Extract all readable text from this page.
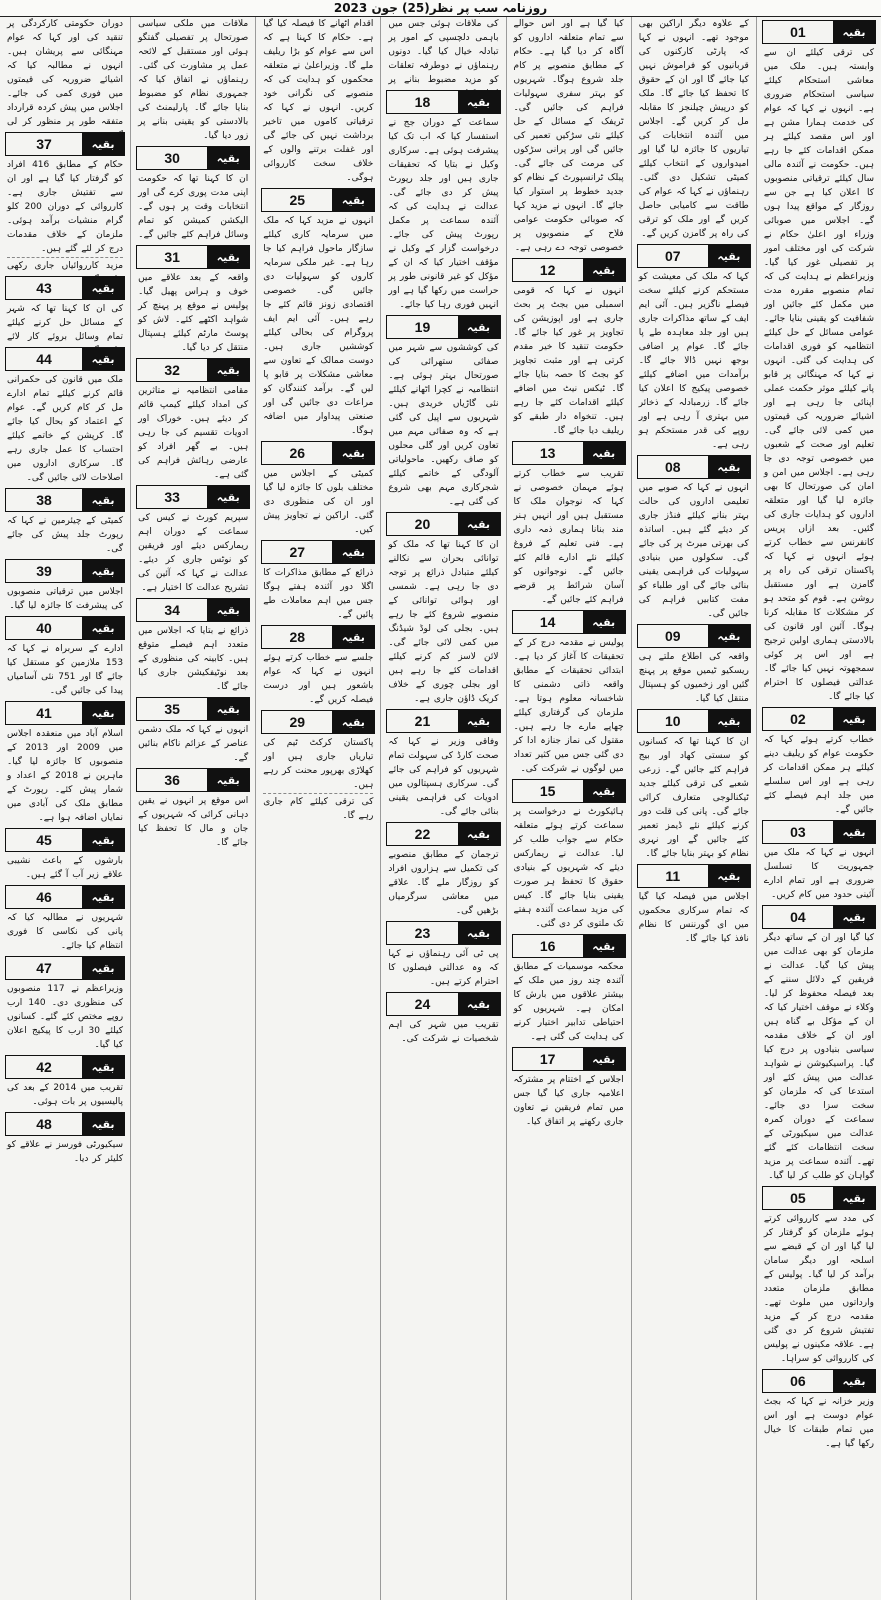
روزنامہ سب پر نظر(25) جون 2023
بقیہ
01
کی ترقی کیلئے ان سے وابستہ ہیں۔ ملک میں معاشی استحکام کیلئے سیاسی استحکام ضروری ہے۔ انہوں نے کہا کہ عوام کی خدمت ہمارا مشن ہے اور اس مقصد کیلئے ہر ممکن اقدامات کئے جا رہے ہیں۔ حکومت نے آئندہ مالی سال کیلئے ترقیاتی منصوبوں کا اعلان کیا ہے جن سے روزگار کے مواقع پیدا ہوں گے۔ اجلاس میں صوبائی وزراء اور اعلیٰ حکام نے شرکت کی اور مختلف امور پر تفصیلی غور کیا گیا۔ وزیراعظم نے ہدایت کی کہ تمام منصوبے مقررہ مدت میں مکمل کئے جائیں اور شفافیت کو یقینی بنایا جائے۔ عوامی مسائل کے حل کیلئے انتظامیہ کو فوری اقدامات کی ہدایت کی گئی۔ انہوں نے کہا کہ مہنگائی پر قابو پانے کیلئے موثر حکمت عملی اپنائی جا رہی ہے اور اشیائے ضروریہ کی قیمتوں میں کمی لائی جائے گی۔ تعلیم اور صحت کے شعبوں میں خصوصی توجہ دی جا رہی ہے۔ اجلاس میں امن و امان کی صورتحال کا بھی جائزہ لیا گیا اور متعلقہ اداروں کو ہدایات جاری کی گئیں۔ بعد ازاں پریس کانفرنس سے خطاب کرتے ہوئے انہوں نے کہا کہ پاکستان ترقی کی راہ پر گامزن ہے اور مستقبل روشن ہے۔ قوم کو متحد ہو کر مشکلات کا مقابلہ کرنا ہوگا۔ آئین اور قانون کی بالادستی ہماری اولین ترجیح ہے اور اس پر کوئی سمجھوتہ نہیں کیا جائے گا۔ عدالتی فیصلوں کا احترام کیا جائے گا۔
بقیہ
02
خطاب کرتے ہوئے کہا کہ حکومت عوام کو ریلیف دینے کیلئے ہر ممکن اقدامات کر رہی ہے اور اس سلسلے میں جلد اہم فیصلے کئے جائیں گے۔
بقیہ
03
انہوں نے کہا کہ ملک میں جمہوریت کا تسلسل ضروری ہے اور تمام ادارے آئینی حدود میں کام کریں۔
بقیہ
04
کیا گیا اور ان کے ساتھ دیگر ملزمان کو بھی عدالت میں پیش کیا گیا۔ عدالت نے فریقین کے دلائل سننے کے بعد فیصلہ محفوظ کر لیا۔ وکلاء نے موقف اختیار کیا کہ ان کے مؤکل بے گناہ ہیں اور ان کے خلاف مقدمہ سیاسی بنیادوں پر درج کیا گیا۔ پراسیکیوشن نے شواہد عدالت میں پیش کئے اور استدعا کی کہ ملزمان کو سخت سزا دی جائے۔ سماعت کے دوران کمرہ عدالت میں سیکیورٹی کے سخت انتظامات کئے گئے تھے۔ آئندہ سماعت پر مزید گواہان کو طلب کر لیا گیا۔
بقیہ
05
کی مدد سے کارروائی کرتے ہوئے ملزمان کو گرفتار کر لیا گیا اور ان کے قبضے سے اسلحہ اور دیگر سامان برآمد کر لیا گیا۔ پولیس کے مطابق ملزمان متعدد وارداتوں میں ملوث تھے۔ مقدمہ درج کر کے مزید تفتیش شروع کر دی گئی ہے۔ علاقہ مکینوں نے پولیس کی کارروائی کو سراہا۔
بقیہ
06
وزیر خزانہ نے کہا کہ بجٹ عوام دوست ہے اور اس میں تمام طبقات کا خیال رکھا گیا ہے۔
کے علاوہ دیگر اراکین بھی موجود تھے۔ انہوں نے کہا کہ پارٹی کارکنوں کی قربانیوں کو فراموش نہیں کیا جائے گا اور ان کے حقوق کا تحفظ کیا جائے گا۔ ملک کو درپیش چیلنجز کا مقابلہ مل کر کریں گے۔ اجلاس میں آئندہ انتخابات کی تیاریوں کا جائزہ لیا گیا اور امیدواروں کے انتخاب کیلئے کمیٹی تشکیل دی گئی۔ رہنماؤں نے کہا کہ عوام کی طاقت سے کامیابی حاصل کریں گے اور ملک کو ترقی کی راہ پر گامزن کریں گے۔
بقیہ
07
کہا کہ ملک کی معیشت کو مستحکم کرنے کیلئے سخت فیصلے ناگزیر ہیں۔ آئی ایم ایف کے ساتھ مذاکرات جاری ہیں اور جلد معاہدہ طے پا جائے گا۔ عوام پر اضافی بوجھ نہیں ڈالا جائے گا۔ برآمدات میں اضافے کیلئے خصوصی پیکیج کا اعلان کیا جائے گا۔ زرمبادلہ کے ذخائر میں بہتری آ رہی ہے اور روپے کی قدر مستحکم ہو رہی ہے۔
بقیہ
08
انہوں نے کہا کہ صوبے میں تعلیمی اداروں کی حالت بہتر بنانے کیلئے فنڈز جاری کر دیئے گئے ہیں۔ اساتذہ کی بھرتی میرٹ پر کی جائے گی۔ سکولوں میں بنیادی سہولیات کی فراہمی یقینی بنائی جائے گی اور طلباء کو مفت کتابیں فراہم کی جائیں گی۔
بقیہ
09
واقعہ کی اطلاع ملتے ہی ریسکیو ٹیمیں موقع پر پہنچ گئیں اور زخمیوں کو ہسپتال منتقل کیا گیا۔
بقیہ
10
ان کا کہنا تھا کہ کسانوں کو سستی کھاد اور بیج فراہم کئے جائیں گے۔ زرعی شعبے کی ترقی کیلئے جدید ٹیکنالوجی متعارف کرائی جائے گی۔ پانی کی قلت دور کرنے کیلئے نئے ڈیمز تعمیر کئے جائیں گے اور نہری نظام کو بہتر بنایا جائے گا۔
بقیہ
11
اجلاس میں فیصلہ کیا گیا کہ تمام سرکاری محکموں میں ای گورننس کا نظام نافذ کیا جائے گا۔
کیا گیا ہے اور اس حوالے سے تمام متعلقہ اداروں کو آگاہ کر دیا گیا ہے۔ حکام کے مطابق منصوبے پر کام جلد شروع ہوگا۔ شہریوں کو بہتر سفری سہولیات فراہم کی جائیں گی۔ ٹریفک کے مسائل کے حل کیلئے نئی سڑکیں تعمیر کی جائیں گی اور پرانی سڑکوں کی مرمت کی جائے گی۔ پبلک ٹرانسپورٹ کے نظام کو جدید خطوط پر استوار کیا جائے گا۔ انہوں نے مزید کہا کہ صوبائی حکومت عوامی فلاح کے منصوبوں پر خصوصی توجہ دے رہی ہے۔
بقیہ
12
انہوں نے کہا کہ قومی اسمبلی میں بجٹ پر بحث جاری ہے اور اپوزیشن کی تجاویز پر غور کیا جائے گا۔ حکومت تنقید کا خیر مقدم کرتی ہے اور مثبت تجاویز کو بجٹ کا حصہ بنایا جائے گا۔ ٹیکس نیٹ میں اضافے کیلئے اقدامات کئے جا رہے ہیں۔ تنخواہ دار طبقے کو ریلیف دیا جائے گا۔
بقیہ
13
تقریب سے خطاب کرتے ہوئے مہمان خصوصی نے کہا کہ نوجوان ملک کا مستقبل ہیں اور انہیں ہنر مند بنانا ہماری ذمہ داری ہے۔ فنی تعلیم کے فروغ کیلئے نئے ادارے قائم کئے جائیں گے۔ نوجوانوں کو آسان شرائط پر قرضے فراہم کئے جائیں گے۔
بقیہ
14
پولیس نے مقدمہ درج کر کے تحقیقات کا آغاز کر دیا ہے۔ ابتدائی تحقیقات کے مطابق واقعہ ذاتی دشمنی کا شاخسانہ معلوم ہوتا ہے۔ ملزمان کی گرفتاری کیلئے چھاپے مارے جا رہے ہیں۔ مقتول کی نماز جنازہ ادا کر دی گئی جس میں کثیر تعداد میں لوگوں نے شرکت کی۔
بقیہ
15
ہائیکورٹ نے درخواست پر سماعت کرتے ہوئے متعلقہ حکام سے جواب طلب کر لیا۔ عدالت نے ریمارکس دیئے کہ شہریوں کے بنیادی حقوق کا تحفظ ہر صورت یقینی بنایا جائے گا۔ کیس کی مزید سماعت آئندہ ہفتے تک ملتوی کر دی گئی۔
بقیہ
16
محکمہ موسمیات کے مطابق آئندہ چند روز میں ملک کے بیشتر علاقوں میں بارش کا امکان ہے۔ شہریوں کو احتیاطی تدابیر اختیار کرنے کی ہدایت کی گئی ہے۔
بقیہ
17
اجلاس کے اختتام پر مشترکہ اعلامیہ جاری کیا گیا جس میں تمام فریقین نے تعاون جاری رکھنے پر اتفاق کیا۔
کی ملاقات ہوئی جس میں باہمی دلچسپی کے امور پر تبادلہ خیال کیا گیا۔ دونوں رہنماؤں نے دوطرفہ تعلقات کو مزید مضبوط بنانے پر
بقیہ
18
سماعت کے دوران جج نے استفسار کیا کہ اب تک کیا پیشرفت ہوئی ہے۔ سرکاری وکیل نے بتایا کہ تحقیقات جاری ہیں اور جلد رپورٹ پیش کر دی جائے گی۔ عدالت نے ہدایت کی کہ آئندہ سماعت پر مکمل رپورٹ پیش کی جائے۔ درخواست گزار کے وکیل نے مؤقف اختیار کیا کہ ان کے مؤکل کو غیر قانونی طور پر حراست میں رکھا گیا ہے اور انہیں فوری رہا کیا جائے۔
بقیہ
19
کی کوششوں سے شہر میں صفائی ستھرائی کی صورتحال بہتر ہوئی ہے۔ انتظامیہ نے کچرا اٹھانے کیلئے نئی گاڑیاں خریدی ہیں۔ شہریوں سے اپیل کی گئی ہے کہ وہ صفائی مہم میں تعاون کریں اور گلی محلوں کو صاف رکھیں۔ ماحولیاتی آلودگی کے خاتمے کیلئے شجرکاری مہم بھی شروع کی گئی ہے۔
بقیہ
20
ان کا کہنا تھا کہ ملک کو توانائی بحران سے نکالنے کیلئے متبادل ذرائع پر توجہ دی جا رہی ہے۔ شمسی اور ہوائی توانائی کے منصوبے شروع کئے جا رہے ہیں۔ بجلی کی لوڈ شیڈنگ میں کمی لائی جائے گی۔ لائن لاسز کم کرنے کیلئے اقدامات کئے جا رہے ہیں اور بجلی چوری کے خلاف کریک ڈاؤن جاری ہے۔
بقیہ
21
وفاقی وزیر نے کہا کہ صحت کارڈ کی سہولت تمام شہریوں کو فراہم کی جائے گی۔ سرکاری ہسپتالوں میں ادویات کی فراہمی یقینی بنائی جائے گی۔
بقیہ
22
ترجمان کے مطابق منصوبے کی تکمیل سے ہزاروں افراد کو روزگار ملے گا۔ علاقے میں معاشی سرگرمیاں بڑھیں گی۔
بقیہ
23
پی ٹی آئی رہنماؤں نے کہا کہ وہ عدالتی فیصلوں کا احترام کرتے ہیں۔
بقیہ
24
تقریب میں شہر کی اہم شخصیات نے شرکت کی۔
اقدام اٹھانے کا فیصلہ کیا گیا ہے۔ حکام کا کہنا ہے کہ اس سے عوام کو بڑا ریلیف ملے گا۔ وزیراعلیٰ نے متعلقہ محکموں کو ہدایت کی کہ منصوبے کی نگرانی خود کریں۔ انہوں نے کہا کہ ترقیاتی کاموں میں تاخیر برداشت نہیں کی جائے گی اور غفلت برتنے والوں کے خلاف سخت کارروائی ہوگی۔
بقیہ
25
انہوں نے مزید کہا کہ ملک میں سرمایہ کاری کیلئے سازگار ماحول فراہم کیا جا رہا ہے۔ غیر ملکی سرمایہ کاروں کو سہولیات دی جائیں گی۔ خصوصی اقتصادی زونز قائم کئے جا رہے ہیں۔ آئی ایم ایف پروگرام کی بحالی کیلئے کوششیں جاری ہیں۔ دوست ممالک کے تعاون سے معاشی مشکلات پر قابو پا لیں گے۔ برآمد کنندگان کو مراعات دی جائیں گی اور صنعتی پیداوار میں اضافہ ہوگا۔
بقیہ
26
کمیٹی کے اجلاس میں مختلف بلوں کا جائزہ لیا گیا اور ان کی منظوری دی گئی۔ اراکین نے تجاویز پیش کیں۔
بقیہ
27
ذرائع کے مطابق مذاکرات کا اگلا دور آئندہ ہفتے ہوگا جس میں اہم معاملات طے پائیں گے۔
بقیہ
28
جلسے سے خطاب کرتے ہوئے انہوں نے کہا کہ عوام باشعور ہیں اور درست فیصلہ کریں گے۔
بقیہ
29
پاکستان کرکٹ ٹیم کی تیاریاں جاری ہیں اور کھلاڑی بھرپور محنت کر رہے ہیں۔
کی ترقی کیلئے کام جاری رہے گا۔
ملاقات میں ملکی سیاسی صورتحال پر تفصیلی گفتگو ہوئی اور مستقبل کے لائحہ عمل پر مشاورت کی گئی۔ رہنماؤں نے اتفاق کیا کہ جمہوری نظام کو مضبوط بنایا جائے گا۔ پارلیمنٹ کی بالادستی کو یقینی بنانے پر زور دیا گیا۔
بقیہ
30
ان کا کہنا تھا کہ حکومت اپنی مدت پوری کرے گی اور انتخابات وقت پر ہوں گے۔ الیکشن کمیشن کو تمام وسائل فراہم کئے جائیں گے۔
بقیہ
31
واقعہ کے بعد علاقے میں خوف و ہراس پھیل گیا۔ پولیس نے موقع پر پہنچ کر شواہد اکٹھے کئے۔ لاش کو پوسٹ مارٹم کیلئے ہسپتال منتقل کر دیا گیا۔
بقیہ
32
مقامی انتظامیہ نے متاثرین کی امداد کیلئے کیمپ قائم کر دیئے ہیں۔ خوراک اور ادویات تقسیم کی جا رہی ہیں۔ بے گھر افراد کو عارضی رہائش فراہم کی گئی ہے۔
بقیہ
33
سپریم کورٹ نے کیس کی سماعت کے دوران اہم ریمارکس دیئے اور فریقین کو نوٹس جاری کر دیئے۔ عدالت نے کہا کہ آئین کی تشریح عدالت کا اختیار ہے۔
بقیہ
34
ذرائع نے بتایا کہ اجلاس میں متعدد اہم فیصلے متوقع ہیں۔ کابینہ کی منظوری کے بعد نوٹیفکیشن جاری کیا جائے گا۔
بقیہ
35
انہوں نے کہا کہ ملک دشمن عناصر کے عزائم ناکام بنائیں گے۔
بقیہ
36
اس موقع پر انہوں نے یقین دہانی کرائی کہ شہریوں کے جان و مال کا تحفظ کیا جائے گا۔
دوران حکومتی کارکردگی پر تنقید کی اور کہا کہ عوام مہنگائی سے پریشان ہیں۔ انہوں نے مطالبہ کیا کہ اشیائے ضروریہ کی قیمتوں میں فوری کمی کی جائے۔ اجلاس میں پیش کردہ قرارداد متفقہ طور پر منظور کر لی
بقیہ
37
حکام کے مطابق 416 افراد کو گرفتار کیا گیا ہے اور ان سے تفتیش جاری ہے۔ کارروائی کے دوران 200 کلو گرام منشیات برآمد ہوئی۔ ملزمان کے خلاف مقدمات درج کر لئے گئے ہیں۔
مزید کارروائیاں جاری رکھی
بقیہ
43
کی ان کا کہنا تھا کہ شہر کے مسائل حل کرنے کیلئے تمام وسائل بروئے کار لائے
بقیہ
44
ملک میں قانون کی حکمرانی قائم کرنے کیلئے تمام ادارے مل کر کام کریں گے۔ عوام کے اعتماد کو بحال کیا جائے گا۔ کرپشن کے خاتمے کیلئے احتساب کا عمل جاری رہے گا۔ سرکاری اداروں میں اصلاحات لائی جائیں گی۔
بقیہ
38
کمیٹی کے چیئرمین نے کہا کہ رپورٹ جلد پیش کی جائے گی۔
بقیہ
39
اجلاس میں ترقیاتی منصوبوں کی پیشرفت کا جائزہ لیا گیا۔
بقیہ
40
ادارے کے سربراہ نے کہا کہ 153 ملازمین کو مستقل کیا جائے گا اور 751 نئی آسامیاں پیدا کی جائیں گی۔
بقیہ
41
اسلام آباد میں منعقدہ اجلاس میں 2009 اور 2013 کے منصوبوں کا جائزہ لیا گیا۔ ماہرین نے 2018 کے اعداد و شمار پیش کئے۔ رپورٹ کے مطابق ملک کی آبادی میں نمایاں اضافہ ہوا ہے۔
بقیہ
45
بارشوں کے باعث نشیبی علاقے زیر آب آ گئے ہیں۔
بقیہ
46
شہریوں نے مطالبہ کیا کہ پانی کی نکاسی کا فوری انتظام کیا جائے۔
بقیہ
47
وزیراعظم نے 117 منصوبوں کی منظوری دی۔ 140 ارب روپے مختص کئے گئے۔ کسانوں کیلئے 30 ارب کا پیکیج اعلان کیا گیا۔
بقیہ
42
تقریب میں 2014 کے بعد کی پالیسیوں پر بات ہوئی۔
بقیہ
48
سیکیورٹی فورسز نے علاقے کو کلیئر کر دیا۔
